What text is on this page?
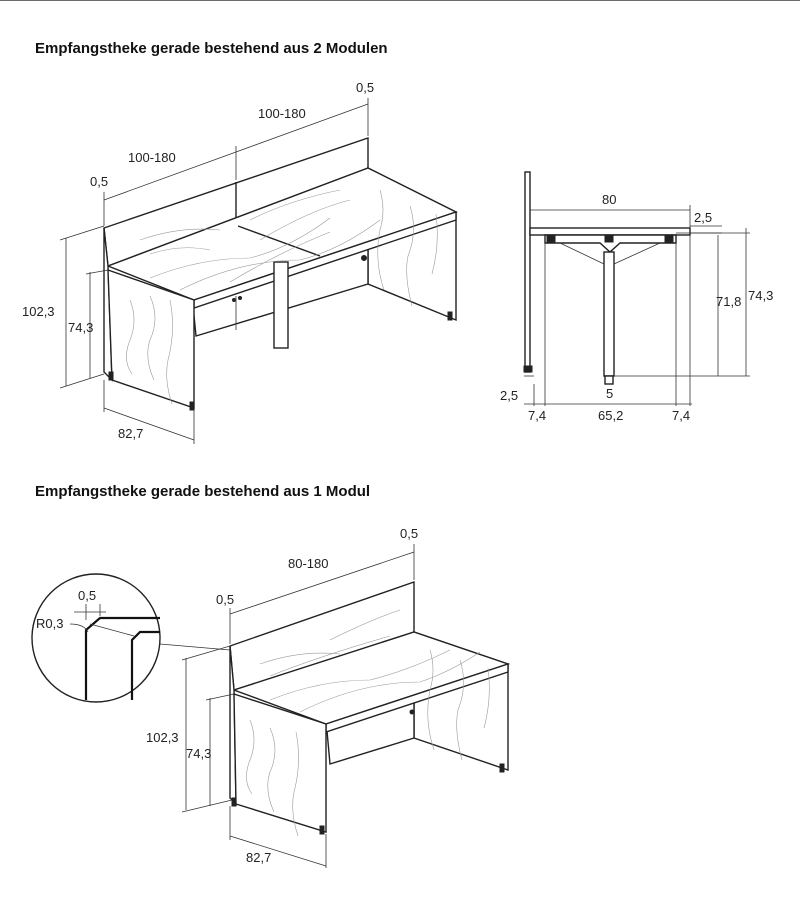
Empfangstheke gerade bestehend aus 2 Modulen
Empfangstheke gerade bestehend aus 1 Modul
0,5
100-180
100-180
0,5
102,3
74,3
82,7
80
2,5
74,3
71,8
2,5
7,4	65,2	7,4
5
0,5
R0,3
80-180
0,5
0,5
102,3
74,3
82,7
